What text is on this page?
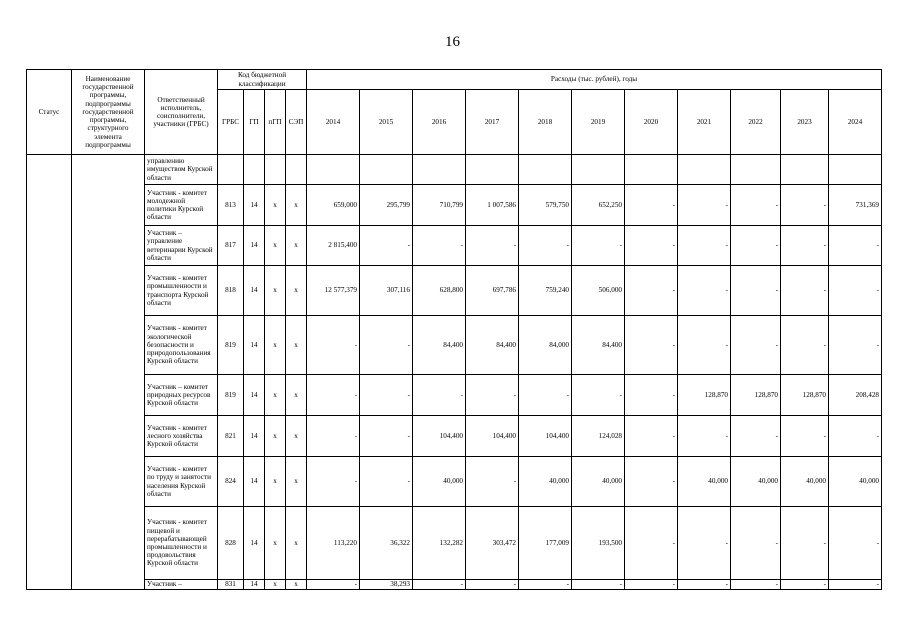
16
Статус	Наименование государственной программы, подпрограммы государственной программы, структурного элемента подпрограммы	Ответственный исполнитель, соисполнители, участники (ГРБС)	Код бюджетной классификации				Расходы (тыс. рублей), годы										
			ГРБС	ГП	пГП	СЭП	2014	2015	2016	2017	2018	2019	2020	2021	2022	2023	2024
		управлению имуществом Курской области															
		Участник - комитет молодежной политики Курской области	813	14	х	х	659,000	295,799	710,799	1 007,586	579,750	652,250	-	-	-	-	731,369
		Участник – управление ветеринарии Курской области	817	14	х	х	2 815,400	-	-	-	-	-	-	-	-	-	-
		Участник - комитет промышленности и транспорта Курской области	818	14	х	х	12 577,379	307,116	628,800	697,786	759,240	506,000	-	-	-	-	-
		Участник - комитет экологической безопасности и природопользования Курской области	819	14	х	х	-	-	84,400	84,400	84,000	84,400	-	-	-	-	-
		Участник – комитет природных ресурсов Курской области	819	14	х	х	-	-	-	-	-	-	-	128,870	128,870	128,870	208,428
		Участник - комитет лесного хозяйства Курской области	821	14	х	х	-	-	104,400	104,400	104,400	124,028	-	-	-	-	-
		Участник - комитет по труду и занятости населения Курской области	824	14	х	х	-	-	40,000	-	40,000	40,000	-	40,000	40,000	40,000	40,000
		Участник - комитет пищевой и перерабатывающей промышленности и продовольствия Курской области	828	14	х	х	113,220	36,322	132,282	303,472	177,009	193,500	-	-	-	-	-
		Участник –	831	14	х	х	-	38,293	-	-	-	-	-	-	-	-	-
